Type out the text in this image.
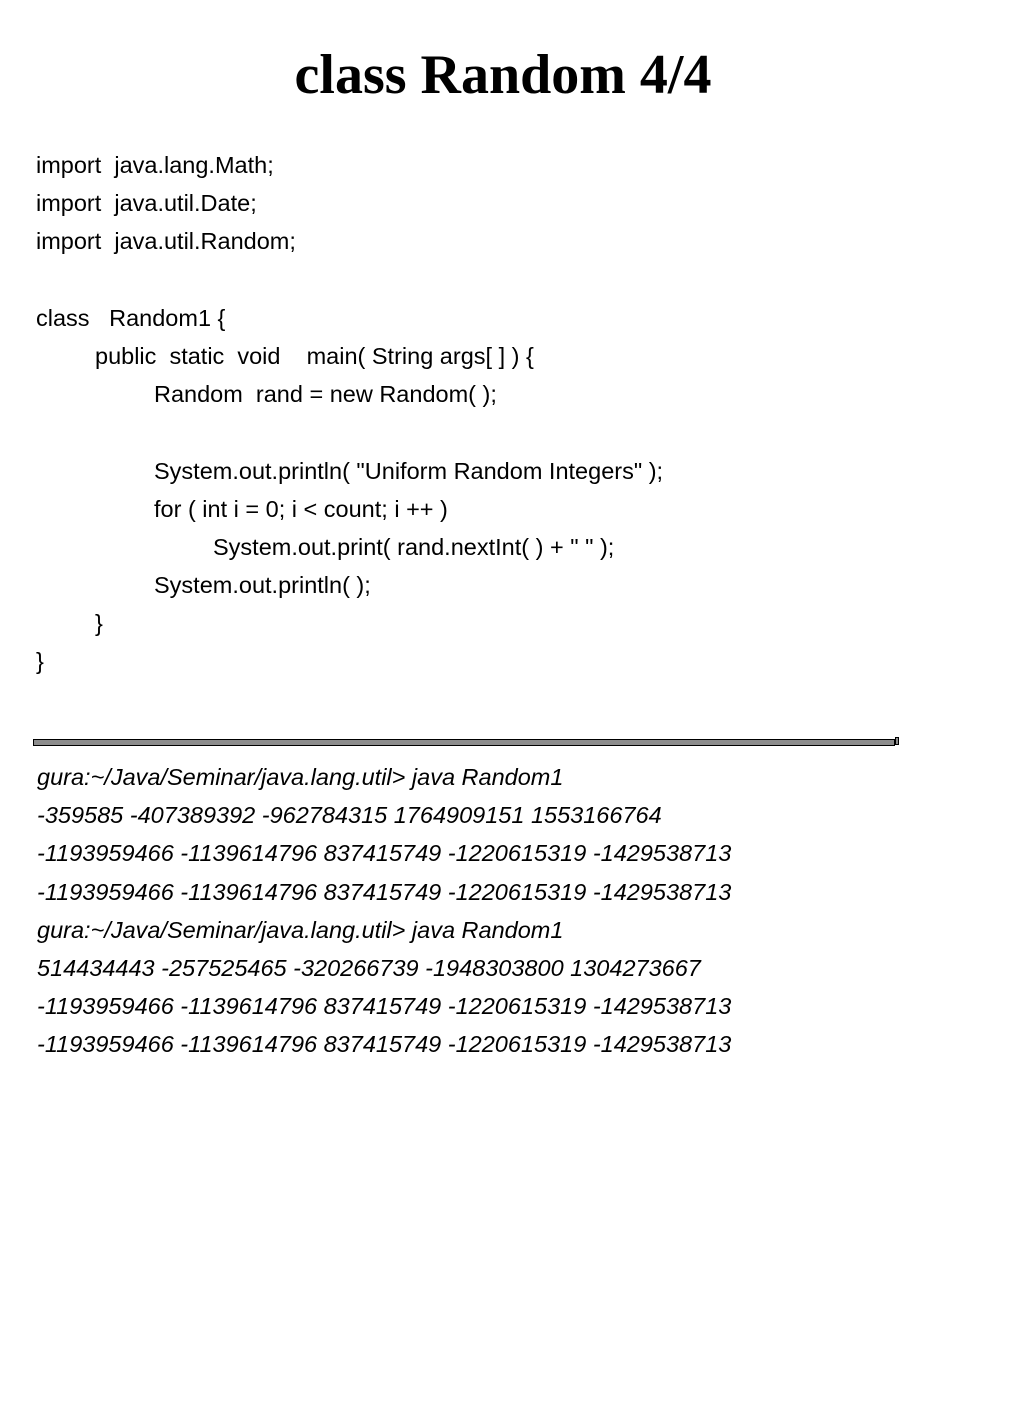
class Random 4/4
import  java.lang.Math;
import  java.util.Date;
import  java.util.Random;
class   Random1 {
public  static  void    main( String args[ ] ) {
Random  rand = new Random( );
System.out.println( "Uniform Random Integers" );
for ( int i = 0; i < count; i ++ )
System.out.print( rand.nextInt( ) + " " );
System.out.println( );
}
}
gura:~/Java/Seminar/java.lang.util> java Random1
-359585 -407389392 -962784315 1764909151 1553166764
-1193959466 -1139614796 837415749 -1220615319 -1429538713
-1193959466 -1139614796 837415749 -1220615319 -1429538713
gura:~/Java/Seminar/java.lang.util> java Random1
514434443 -257525465 -320266739 -1948303800 1304273667
-1193959466 -1139614796 837415749 -1220615319 -1429538713
-1193959466 -1139614796 837415749 -1220615319 -1429538713
